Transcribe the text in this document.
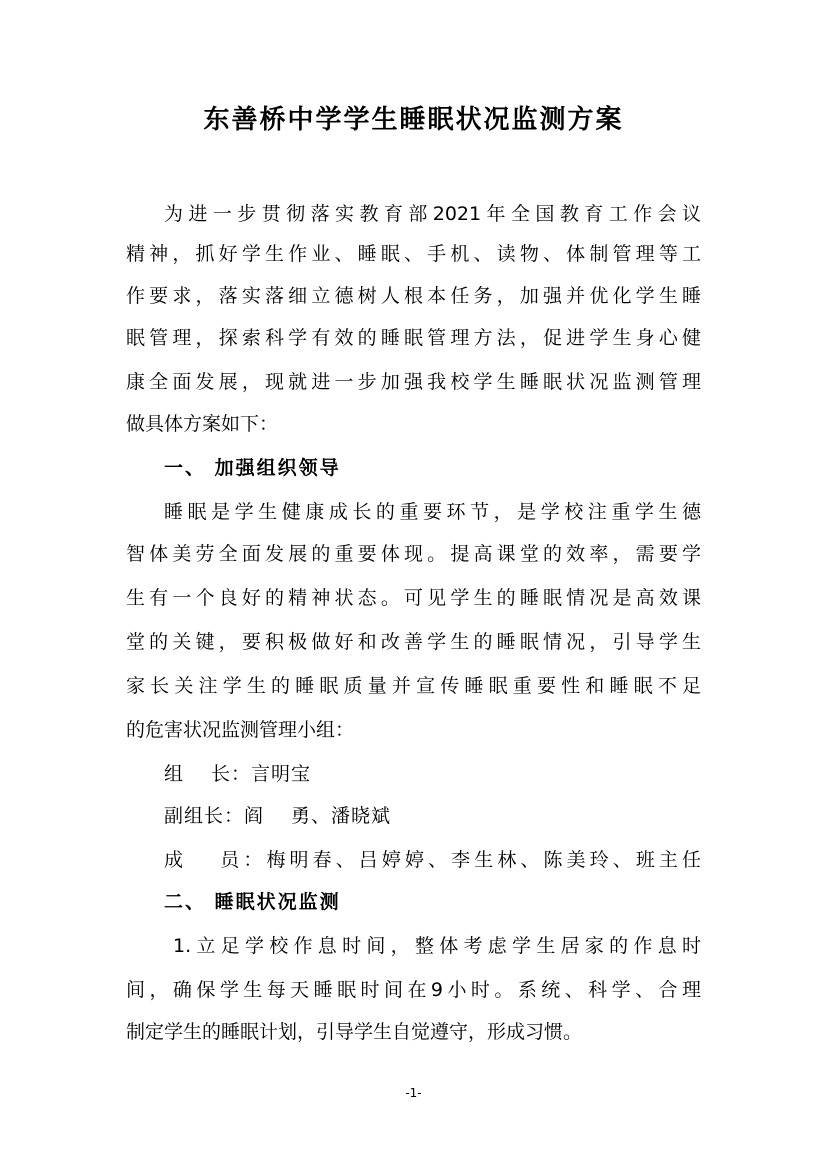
东善桥中学学生睡眠状况监测方案
为进一步贯彻落实教育部2021年全国教育工作会议
精神，抓好学生作业、睡眠、手机、读物、体制管理等工
作要求，落实落细立德树人根本任务，加强并优化学生睡
眠管理，探索科学有效的睡眠管理方法，促进学生身心健
康全面发展，现就进一步加强我校学生睡眠状况监测管理
做具体方案如下：
一、 加强组织领导
睡眠是学生健康成长的重要环节，是学校注重学生德
智体美劳全面发展的重要体现。提高课堂的效率，需要学
生有一个良好的精神状态。可见学生的睡眠情况是高效课
堂的关键，要积极做好和改善学生的睡眠情况，引导学生
家长关注学生的睡眠质量并宣传睡眠重要性和睡眠不足
的危害状况监测管理小组：
组　 长：言明宝
副组长：阎　 勇、潘晓斌
成　 员：梅明春、吕婷婷、李生林、陈美玲、班主任
二、 睡眠状况监测
1.立足学校作息时间，整体考虑学生居家的作息时
间，确保学生每天睡眠时间在9小时。系统、科学、合理
制定学生的睡眠计划，引导学生自觉遵守，形成习惯。
-1-
